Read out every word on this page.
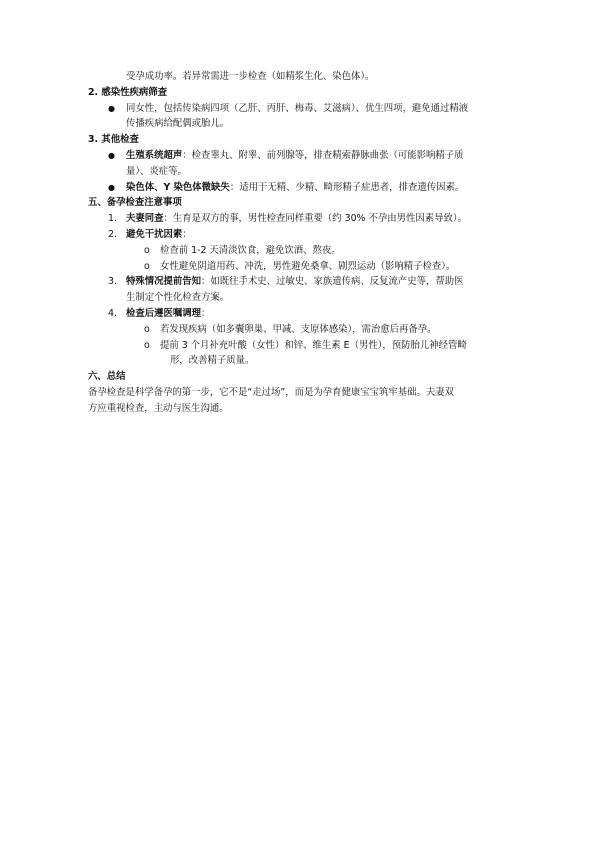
受孕成功率。若异常需进一步检查（如精浆生化、染色体）。
2. 感染性疾病筛查
●	同女性，包括传染病四项（乙肝、丙肝、梅毒、艾滋病）、优生四项，避免通过精液
传播疾病给配偶或胎儿。
3. 其他检查
●	生殖系统超声：检查睾丸、附睾、前列腺等，排查精索静脉曲张（可能影响精子质
量）、炎症等。
●	染色体、Y 染色体微缺失：适用于无精、少精、畸形精子症患者，排查遗传因素。
五、备孕检查注意事项
1. 夫妻同查：生育是双方的事，男性检查同样重要（约 30% 不孕由男性因素导致）。
2. 避免干扰因素：
o	检查前 1-2 天清淡饮食，避免饮酒、熬夜。
o	女性避免阴道用药、冲洗，男性避免桑拿、剧烈运动（影响精子检查）。
3. 特殊情况提前告知：如既往手术史、过敏史、家族遗传病、反复流产史等，帮助医
生制定个性化检查方案。
4. 检查后遵医嘱调理：
o	若发现疾病（如多囊卵巢、甲减、支原体感染），需治愈后再备孕。
o	提前 3 个月补充叶酸（女性）和锌、维生素 E（男性），预防胎儿神经管畸
形，改善精子质量。
六、总结
备孕检查是科学备孕的第一步，它不是“走过场”，而是为孕育健康宝宝筑牢基础。夫妻双
方应重视检查，主动与医生沟通。
